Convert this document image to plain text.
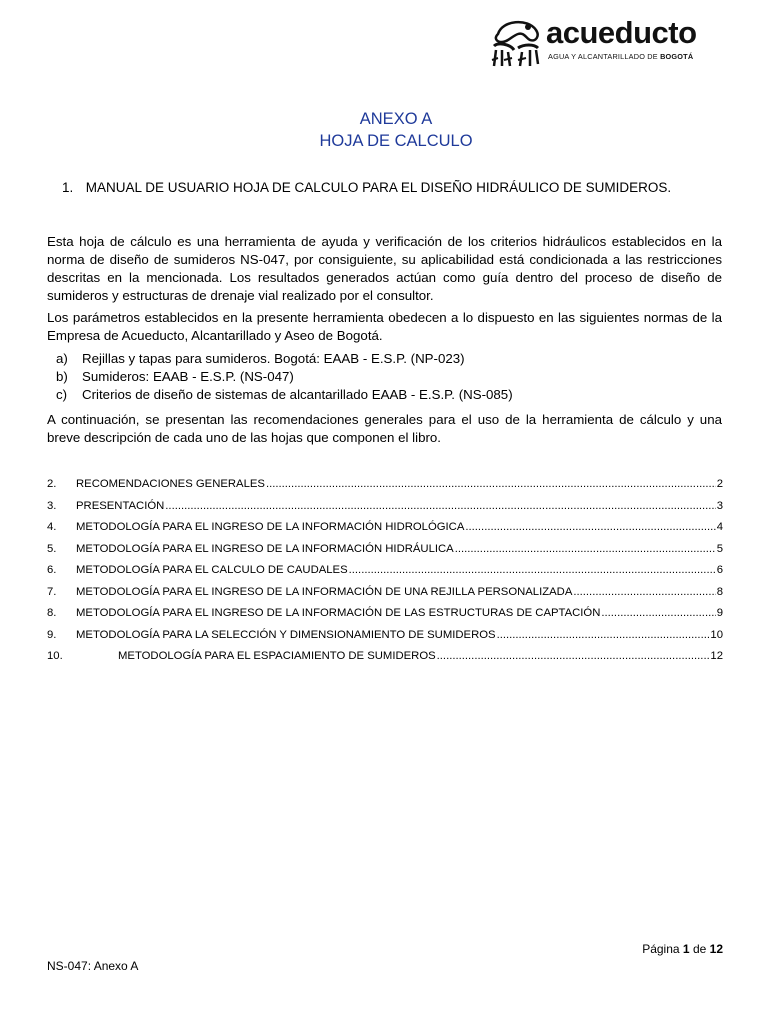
acueducto
AGUA Y ALCANTARILLADO DE BOGOTÁ
ANEXO A
HOJA DE CALCULO
1. MANUAL DE USUARIO HOJA DE CALCULO PARA EL DISEÑO HIDRÁULICO DE SUMIDEROS.
Esta hoja de cálculo es una herramienta de ayuda y verificación de los criterios hidráulicos establecidos en la norma de diseño de sumideros NS-047, por consiguiente, su aplicabilidad está condicionada a las restricciones descritas en la mencionada. Los resultados generados actúan como guía dentro del proceso de diseño de sumideros y estructuras de drenaje vial realizado por el consultor.
Los parámetros establecidos en la presente herramienta obedecen a lo dispuesto en las siguientes normas de la Empresa de Acueducto, Alcantarillado y Aseo de Bogotá.
a) Rejillas y tapas para sumideros. Bogotá: EAAB - E.S.P. (NP-023)
b) Sumideros: EAAB - E.S.P. (NS-047)
c) Criterios de diseño de sistemas de alcantarillado EAAB - E.S.P. (NS-085)
A continuación, se presentan las recomendaciones generales para el uso de la herramienta de cálculo y una breve descripción de cada uno de las hojas que componen el libro.
2.	RECOMENDACIONES GENERALES .....	2
3.	PRESENTACIÓN .....	3
4.	METODOLOGÍA PARA EL INGRESO DE LA INFORMACIÓN HIDROLÓGICA .....	4
5.	METODOLOGÍA PARA EL INGRESO DE LA INFORMACIÓN HIDRÁULICA .....	5
6.	METODOLOGÍA PARA EL CALCULO DE CAUDALES .....	6
7.	METODOLOGÍA PARA EL INGRESO DE LA INFORMACIÓN DE UNA REJILLA PERSONALIZADA .....	8
8.	METODOLOGÍA PARA EL INGRESO DE LA INFORMACIÓN DE LAS ESTRUCTURAS DE CAPTACIÓN .....	9
9.	METODOLOGÍA PARA LA SELECCIÓN Y DIMENSIONAMIENTO DE SUMIDEROS .....	10
10.	METODOLOGÍA PARA EL ESPACIAMIENTO DE SUMIDEROS .....	12
Página 1 de 12
NS-047: Anexo A
